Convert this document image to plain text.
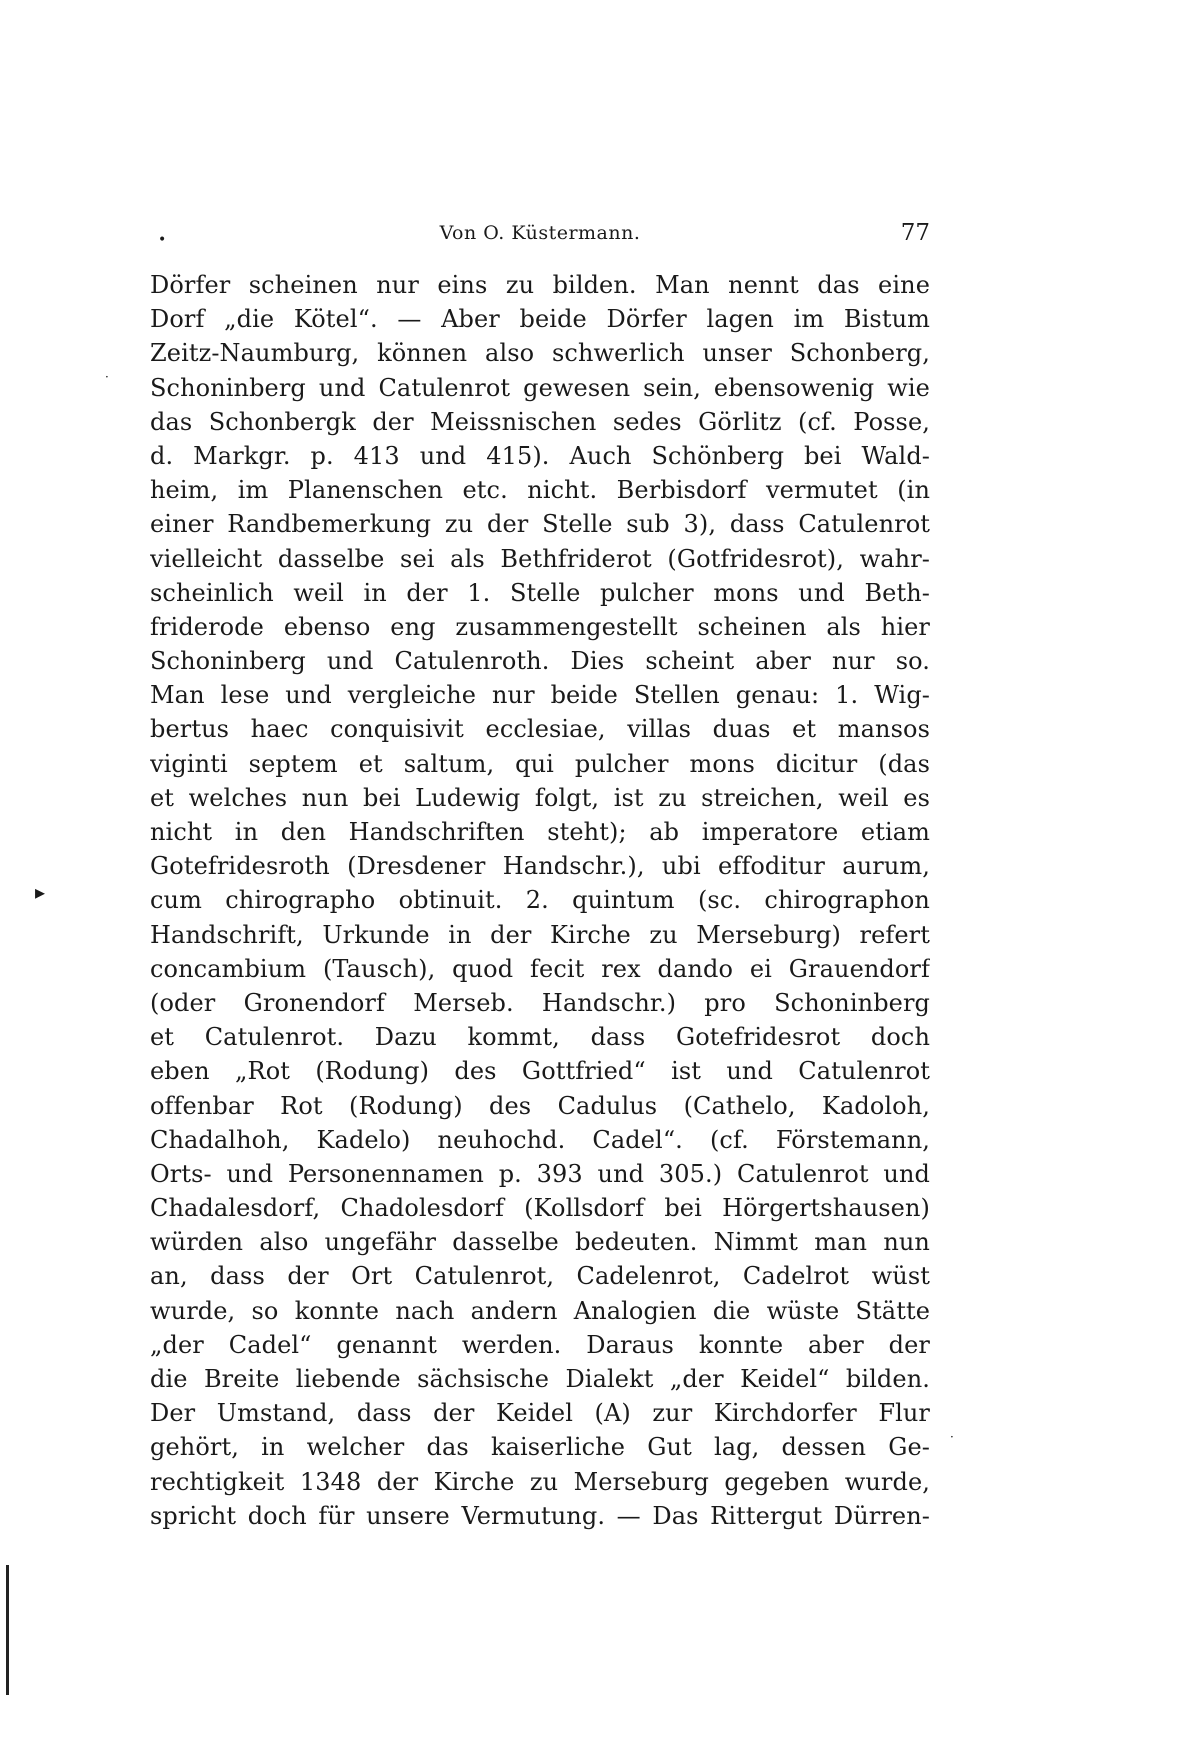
•	Von O. Küstermann.	77
Dörfer scheinen nur eins zu bilden. Man nennt das eine
Dorf „die Kötel“. — Aber beide Dörfer lagen im Bistum
Zeitz-Naumburg, können also schwerlich unser Schonberg,
Schoninberg und Catulenrot gewesen sein, ebensowenig wie
das Schonbergk der Meissnischen sedes Görlitz (cf. Posse,
d. Markgr. p. 413 und 415). Auch Schönberg bei Wald-
heim, im Planenschen etc. nicht. Berbisdorf vermutet (in
einer Randbemerkung zu der Stelle sub 3), dass Catulenrot
vielleicht dasselbe sei als Bethfriderot (Gotfridesrot), wahr-
scheinlich weil in der 1. Stelle pulcher mons und Beth-
friderode ebenso eng zusammengestellt scheinen als hier
Schoninberg und Catulenroth. Dies scheint aber nur so.
Man lese und vergleiche nur beide Stellen genau: 1. Wig-
bertus haec conquisivit ecclesiae, villas duas et mansos
viginti septem et saltum, qui pulcher mons dicitur (das
et welches nun bei Ludewig folgt, ist zu streichen, weil es
nicht in den Handschriften steht); ab imperatore etiam
Gotefridesroth (Dresdener Handschr.), ubi effoditur aurum,
cum chirographo obtinuit. 2. quintum (sc. chirographon
Handschrift, Urkunde in der Kirche zu Merseburg) refert
concambium (Tausch), quod fecit rex dando ei Grauendorf
(oder Gronendorf Merseb. Handschr.) pro Schoninberg
et Catulenrot. Dazu kommt, dass Gotefridesrot doch
eben „Rot (Rodung) des Gottfried“ ist und Catulenrot
offenbar Rot (Rodung) des Cadulus (Cathelo, Kadoloh,
Chadalhoh, Kadelo) neuhochd. Cadel“. (cf. Förstemann,
Orts- und Personennamen p. 393 und 305.) Catulenrot und
Chadalesdorf, Chadolesdorf (Kollsdorf bei Hörgertshausen)
würden also ungefähr dasselbe bedeuten. Nimmt man nun
an, dass der Ort Catulenrot, Cadelenrot, Cadelrot wüst
wurde, so konnte nach andern Analogien die wüste Stätte
„der Cadel“ genannt werden. Daraus konnte aber der
die Breite liebende sächsische Dialekt „der Keidel“ bilden.
Der Umstand, dass der Keidel (A) zur Kirchdorfer Flur
gehört, in welcher das kaiserliche Gut lag, dessen Ge-
rechtigkeit 1348 der Kirche zu Merseburg gegeben wurde,
spricht doch für unsere Vermutung. — Das Rittergut Dürren-
·
▸
·
